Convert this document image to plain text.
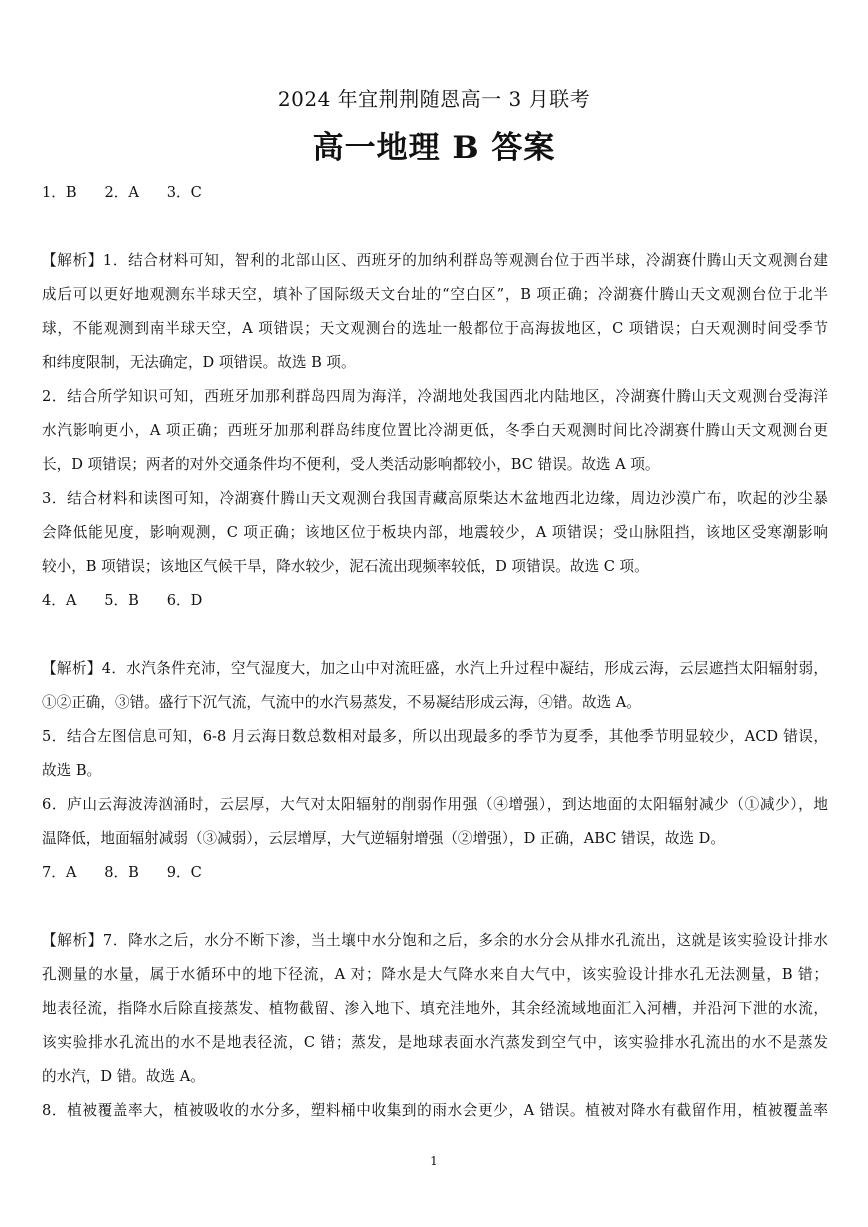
2024 年宜荆荆随恩高一 3 月联考
高一地理 B 答案
1．B 2．A 3．C
【解析】1．结合材料可知，智利的北部山区、西班牙的加纳利群岛等观测台位于西半球，冷湖赛什腾山天文观测台建
成后可以更好地观测东半球天空，填补了国际级天文台址的“空白区”，B 项正确；冷湖赛什腾山天文观测台位于北半
球，不能观测到南半球天空，A 项错误；天文观测台的选址一般都位于高海拔地区，C 项错误；白天观测时间受季节
和纬度限制，无法确定，D 项错误。故选 B 项。
2．结合所学知识可知，西班牙加那利群岛四周为海洋，冷湖地处我国西北内陆地区，冷湖赛什腾山天文观测台受海洋
水汽影响更小，A 项正确；西班牙加那利群岛纬度位置比冷湖更低，冬季白天观测时间比冷湖赛什腾山天文观测台更
长，D 项错误；两者的对外交通条件均不便利，受人类活动影响都较小，BC 错误。故选 A 项。
3．结合材料和读图可知，冷湖赛什腾山天文观测台我国青藏高原柴达木盆地西北边缘，周边沙漠广布，吹起的沙尘暴
会降低能见度，影响观测，C 项正确；该地区位于板块内部，地震较少，A 项错误；受山脉阻挡，该地区受寒潮影响
较小，B 项错误；该地区气候干旱，降水较少，泥石流出现频率较低，D 项错误。故选 C 项。
4．A 5．B 6．D
【解析】4．水汽条件充沛，空气湿度大，加之山中对流旺盛，水汽上升过程中凝结，形成云海，云层遮挡太阳辐射弱，
①②正确，③错。盛行下沉气流，气流中的水汽易蒸发，不易凝结形成云海，④错。故选 A。
5．结合左图信息可知，6-8 月云海日数总数相对最多，所以出现最多的季节为夏季，其他季节明显较少，ACD 错误，
故选 B。
6．庐山云海波涛汹涌时，云层厚，大气对太阳辐射的削弱作用强（④增强），到达地面的太阳辐射减少（①减少），地
温降低，地面辐射减弱（③减弱），云层增厚，大气逆辐射增强（②增强），D 正确，ABC 错误，故选 D。
7．A 8．B 9．C
【解析】7．降水之后，水分不断下渗，当土壤中水分饱和之后，多余的水分会从排水孔流出，这就是该实验设计排水
孔测量的水量，属于水循环中的地下径流，A 对；降水是大气降水来自大气中，该实验设计排水孔无法测量，B 错；
地表径流，指降水后除直接蒸发、植物截留、渗入地下、填充洼地外，其余经流域地面汇入河槽，并沿河下泄的水流，
该实验排水孔流出的水不是地表径流，C 错；蒸发，是地球表面水汽蒸发到空气中，该实验排水孔流出的水不是蒸发
的水汽，D 错。故选 A。
8．植被覆盖率大，植被吸收的水分多，塑料桶中收集到的雨水会更少，A 错误。植被对降水有截留作用，植被覆盖率
1
